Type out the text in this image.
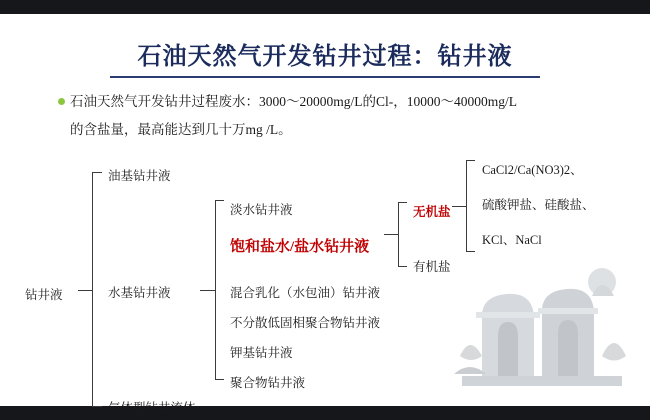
石油天然气开发钻井过程：钻井液
石油天然气开发钻井过程废水：3000～20000mg/L的Cl-，10000～40000mg/L
的含盐量，最高能达到几十万mg /L。
钻井液
油基钻井液
水基钻井液
气体型钻井流体
淡水钻井液
饱和盐水/盐水钻井液
混合乳化（水包油）钻井液
不分散低固相聚合物钻井液
钾基钻井液
聚合物钻井液
无机盐
有机盐
CaCl2/Ca(NO3)2、
硫酸钾盐、硅酸盐、
KCl、NaCl
